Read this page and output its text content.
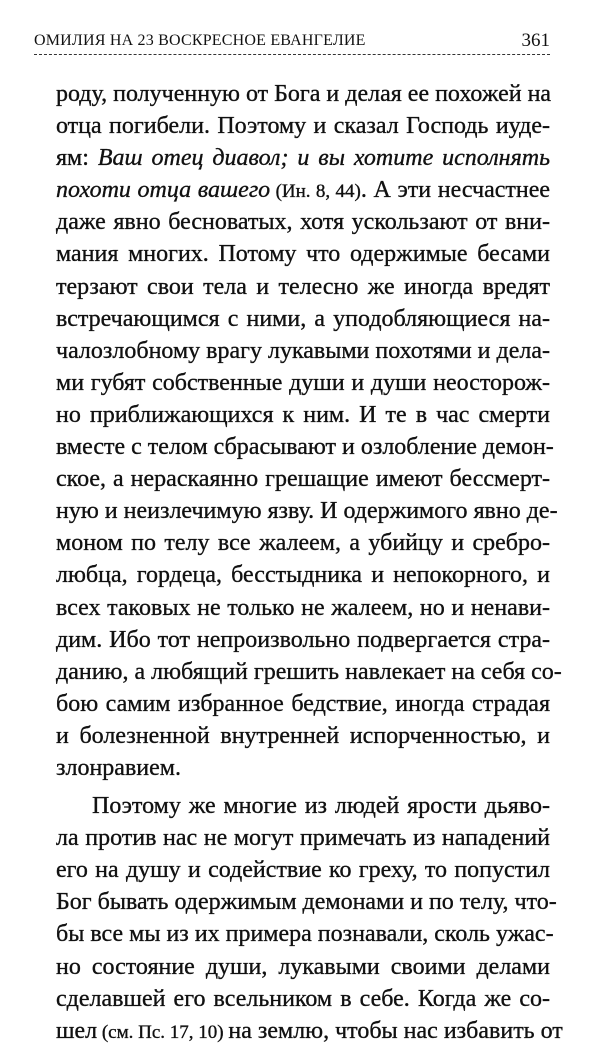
ОМИЛИЯ НА 23 ВОСКРЕСНОЕ ЕВАНГЕЛИЕ	361
роду, полученную от Бога и делая ее похожей на
отца погибели. Поэтому и сказал Господь иуде-
ям: Ваш отец диавол; и вы хотите исполнять
похоти отца вашего (Ин. 8, 44). А эти несчастнее
даже явно бесноватых, хотя ускользают от вни-
мания многих. Потому что одержимые бесами
терзают свои тела и телесно же иногда вредят
встречающимся с ними, а уподобляющиеся на-
чалозлобному врагу лукавыми похотями и дела-
ми губят собственные души и души неосторож-
но приближающихся к ним. И те в час смерти
вместе с телом сбрасывают и озлобление демон-
ское, а нераскаянно грешащие имеют бессмерт-
ную и неизлечимую язву. И одержимого явно де-
моном по телу все жалеем, а убийцу и сребро-
любца, гордеца, бесстыдника и непокорного, и
всех таковых не только не жалеем, но и ненави-
дим. Ибо тот непроизвольно подвергается стра-
данию, а любящий грешить навлекает на себя со-
бою самим избранное бедствие, иногда страдая
и болезненной внутренней испорченностью, и
злонравием.
Поэтому же многие из людей ярости дьяво-
ла против нас не могут примечать из нападений
его на душу и содействие ко греху, то попустил
Бог бывать одержимым демонами и по телу, что-
бы все мы из их примера познавали, сколь ужас-
но состояние души, лукавыми своими делами
сделавшей его всельником в себе. Когда же со-
шел (см. Пс. 17, 10) на землю, чтобы нас избавить от
